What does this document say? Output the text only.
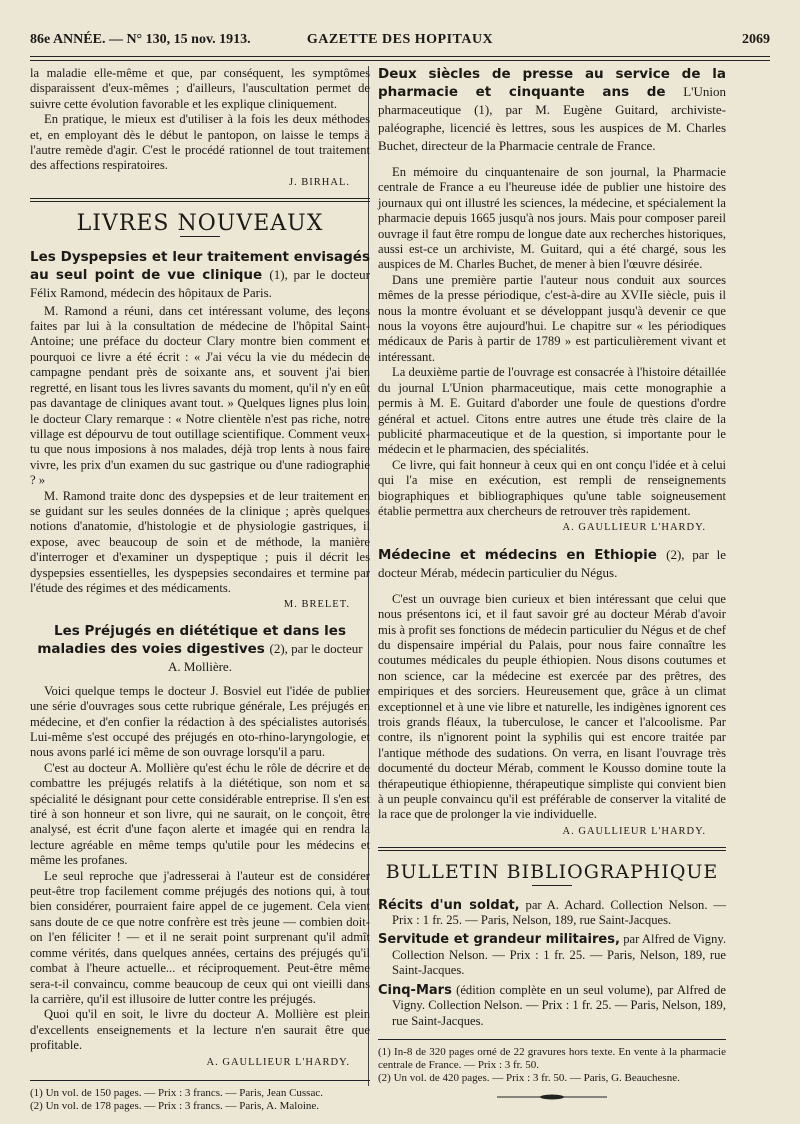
86e ANNÉE. — N° 130, 15 nov. 1913.	GAZETTE DES HOPITAUX	2069

la maladie elle-même et que, par conséquent, les symptômes disparaissent d'eux-mêmes ; d'ailleurs, l'auscultation permet de suivre cette évolution favorable et les explique cliniquement.

En pratique, le mieux est d'utiliser à la fois les deux méthodes et, en employant dès le début le pantopon, on laisse le temps à l'autre remède d'agir. C'est le procédé rationnel de tout traitement des affections respiratoires.

J. BIRHAL.
LIVRES NOUVEAUX
Les Dyspepsies et leur traitement envisagés au seul point de vue clinique (1), par le docteur Félix Ramond, médecin des hôpitaux de Paris.

M. Ramond a réuni, dans cet intéressant volume, des leçons faites par lui à la consultation de médecine de l'hôpital Saint-Antoine; une préface du docteur Clary montre bien comment et pourquoi ce livre a été écrit : « J'ai vécu la vie du médecin de campagne pendant près de soixante ans, et souvent j'ai bien regretté, en lisant tous les livres savants du moment, qu'il n'y en eût pas davantage de cliniques avant tout. » Quelques lignes plus loin, le docteur Clary remarque : « Notre clientèle n'est pas riche, notre village est dépourvu de tout outillage scientifique. Comment veux-tu que nous imposions à nos malades, déjà trop lents à nous faire vivre, les prix d'un examen du suc gastrique ou d'une radiographie ? »

M. Ramond traite donc des dyspepsies et de leur traitement en se guidant sur les seules données de la clinique ; après quelques notions d'anatomie, d'histologie et de physiologie gastriques, il expose, avec beaucoup de soin et de méthode, la manière d'interroger et d'examiner un dyspeptique ; puis il décrit les dyspepsies essentielles, les dyspepsies secondaires et termine par l'étude des régimes et des médicaments.

M. BRELET.
Les Préjugés en diététique et dans les maladies des voies digestives (2), par le docteur A. Mollière.

Voici quelque temps le docteur J. Bosviel eut l'idée de publier une série d'ouvrages sous cette rubrique générale, Les préjugés en médecine, et d'en confier la rédaction à des spécialistes autorisés. Lui-même s'est occupé des préjugés en oto-rhino-laryngologie, et nous avons parlé ici même de son ouvrage lorsqu'il a paru.

C'est au docteur A. Mollière qu'est échu le rôle de décrire et de combattre les préjugés relatifs à la diététique, son nom et sa spécialité le désignant pour cette considérable entreprise. Il s'en est tiré à son honneur et son livre, qui ne saurait, on le conçoit, être analysé, est écrit d'une façon alerte et imagée qui en rendra la lecture agréable en même temps qu'utile pour les médecins et même les profanes.

Le seul reproche que j'adresserai à l'auteur est de considérer peut-être trop facilement comme préjugés des notions qui, à tout bien considérer, pourraient faire appel de ce jugement. Cela vient sans doute de ce que notre confrère est très jeune — combien doit-on l'en féliciter ! — et il ne serait point surprenant qu'il admît comme vérités, dans quelques années, certains des préjugés qu'il combat à l'heure actuelle... et réciproquement. Peut-être même sera-t-il convaincu, comme beaucoup de ceux qui ont vieilli dans la carrière, qu'il est illusoire de lutter contre les préjugés.

Quoi qu'il en soit, le livre du docteur A. Mollière est plein d'excellents enseignements et la lecture n'en saurait être que profitable.

A. GAULLIEUR L'HARDY.

(1) Un vol. de 150 pages. — Prix : 3 francs. — Paris, Jean Cussac.

(2) Un vol. de 178 pages. — Prix : 3 francs. — Paris, A. Maloine.

Deux siècles de presse au service de la pharmacie et cinquante ans de L'Union pharmaceutique (1), par M. Eugène Guitard, archiviste-paléographe, licencié ès lettres, sous les auspices de M. Charles Buchet, directeur de la Pharmacie centrale de France.

En mémoire du cinquantenaire de son journal, la Pharmacie centrale de France a eu l'heureuse idée de publier une histoire des journaux qui ont illustré les sciences, la médecine, et spécialement la pharmacie depuis 1665 jusqu'à nos jours. Mais pour composer pareil ouvrage il faut être rompu de longue date aux recherches historiques, aussi est-ce un archiviste, M. Guitard, qui a été chargé, sous les auspices de M. Charles Buchet, de mener à bien l'œuvre désirée.

Dans une première partie l'auteur nous conduit aux sources mêmes de la presse périodique, c'est-à-dire au XVIIe siècle, puis il nous la montre évoluant et se développant jusqu'à devenir ce que nous la voyons être aujourd'hui. Le chapitre sur « les périodiques médicaux de Paris à partir de 1789 » est particulièrement vivant et intéressant.

La deuxième partie de l'ouvrage est consacrée à l'histoire détaillée du journal L'Union pharmaceutique, mais cette monographie a permis à M. E. Guitard d'aborder une foule de questions d'ordre général et actuel. Citons entre autres une étude très claire de la publicité pharmaceutique et de la question, si importante pour le médecin et le pharmacien, des spécialités.

Ce livre, qui fait honneur à ceux qui en ont conçu l'idée et à celui qui l'a mise en exécution, est rempli de renseignements biographiques et bibliographiques qu'une table soigneusement établie permettra aux chercheurs de retrouver très rapidement.

A. GAULLIEUR L'HARDY.
Médecine et médecins en Ethiopie (2), par le docteur Mérab, médecin particulier du Négus.

C'est un ouvrage bien curieux et bien intéressant que celui que nous présentons ici, et il faut savoir gré au docteur Mérab d'avoir mis à profit ses fonctions de médecin particulier du Négus et de chef du dispensaire impérial du Palais, pour nous faire connaître les coutumes médicales du peuple éthiopien. Nous disons coutumes et non science, car la médecine est exercée par des prêtres, des empiriques et des sorciers. Heureusement que, grâce à un climat exceptionnel et à une vie libre et naturelle, les indigènes ignorent ces trois grands fléaux, la tuberculose, le cancer et l'alcoolisme. Par contre, ils n'ignorent point la syphilis qui est encore traitée par l'antique méthode des sudations. On verra, en lisant l'ouvrage très documenté du docteur Mérab, comment le Kousso domine toute la thérapeutique éthiopienne, thérapeutique simpliste qui convient bien à un peuple convaincu qu'il est préférable de conserver la vitalité de la race que de prolonger la vie individuelle.

A. GAULLIEUR L'HARDY.
BULLETIN BIBLIOGRAPHIQUE

Récits d'un soldat, par A. Achard. Collection Nelson. — Prix : 1 fr. 25. — Paris, Nelson, 189, rue Saint-Jacques.

Servitude et grandeur militaires, par Alfred de Vigny. Collection Nelson. — Prix : 1 fr. 25. — Paris, Nelson, 189, rue Saint-Jacques.

Cinq-Mars (édition complète en un seul volume), par Alfred de Vigny. Collection Nelson. — Prix : 1 fr. 25. — Paris, Nelson, 189, rue Saint-Jacques.

(1) In-8 de 320 pages orné de 22 gravures hors texte. En vente à la pharmacie centrale de France. — Prix : 3 fr. 50.

(2) Un vol. de 420 pages. — Prix : 3 fr. 50. — Paris, G. Beauchesne.
